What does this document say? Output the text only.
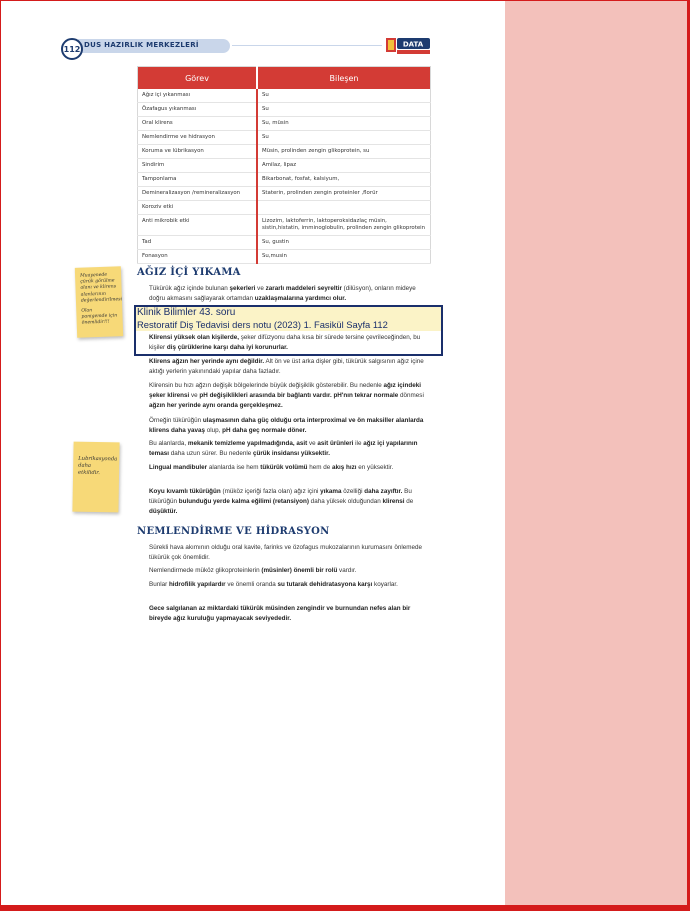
112 DUS HAZIRLIK MERKEZLERİ	DATA
Görev	Bileşen
Ağız içi yıkanması	Su
Özafagus yıkanması	Su
Oral klirens	Su, müsin
Nemlendirme ve hidrasyon	Su
Koruma ve lübrikasyon	Müsin, prolinden zengin glikoprotein, su
Sindirim	Amilaz, lipaz
Tamponlama	Bikarbonat, fosfat, kalsiyum,
Demineralizasyon /remineralizasyon	Staterin, prolinden zengin proteinler ,florür
Koroziv etki	
Anti mikrobik etki	Lizozim, laktoferrin, laktoperoksidazlaç müsin, sistin,histatin, imminoglobulin, prolinden zengin glikoprotein
Tad	Su, gustin
Fonasyon	Su,musin
Muayenede çürük görülme alanı ve klirens alanlarının değerlendirilmesi
Olan panigemde için önemlidir!!!
Lubrikasyonda daha etkilidir.
AĞIZ İÇİ YIKAMA
Tükürük ağız içinde bulunan şekerleri ve zararlı maddeleri seyreltir (dilüsyon), onların mideye doğru akmasını sağlayarak ortamdan uzaklaşmalarına yardımcı olur.
Klirensi yüksek olan kişilerde, şeker difüzyonu daha kısa bir sürede tersine çevrileceğinden, bu kişiler diş çürüklerine karşı daha iyi korunurlar.
Klinik Bilimler 43. soru
Restoratif Diş Tedavisi ders notu (2023) 1. Fasikül Sayfa 112
Klirens ağzın her yerinde aynı değildir. Alt ön ve üst arka dişler gibi, tükürük salgısının ağız içine aktığı yerlerin yakınındaki yapılar daha fazladır.
Klirensin bu hızı ağzın değişik bölgelerinde büyük değişiklik gösterebilir. Bu nedenle ağız içindeki şeker klirensi ve pH değişiklikleri arasında bir bağlantı vardır. pH'nın tekrar normale dönmesi ağzın her yerinde aynı oranda gerçekleşmez.
Örneğin tükürüğün ulaşmasının daha güç olduğu orta interproximal ve ön maksiller alanlarda klirens daha yavaş olup, pH daha geç normale döner.
Bu alanlarda, mekanik temizleme yapılmadığında, asit ve asit ürünleri ile ağız içi yapılarının teması daha uzun sürer. Bu nedenle çürük insidansı yüksektir.
Lingual mandibuler alanlarda ise hem tükürük volümü hem de akış hızı en yüksektir.
Koyu kıvamlı tükürüğün (müköz içeriği fazla olan) ağız içini yıkama özelliği daha zayıftır. Bu tükürüğün bulunduğu yerde kalma eğilimi (retansiyon) daha yüksek olduğundan klirensi de düşüktür.
NEMLENDİRME VE HİDRASYON
Sürekli hava akımının olduğu oral kavite, farinks ve özofagus mukozalarının kurumasını önlemede tükürük çok önemlidir.
Nemlendirmede müköz glikoproteinlerin (müsinler) önemli bir rolü vardır.
Bunlar hidrofilik yapılardır ve önemli oranda su tutarak dehidratasyona karşı koyarlar.
Gece salgılanan az miktardaki tükürük müsinden zengindir ve burnundan nefes alan bir bireyde ağız kuruluğu yapmayacak seviyededir.
